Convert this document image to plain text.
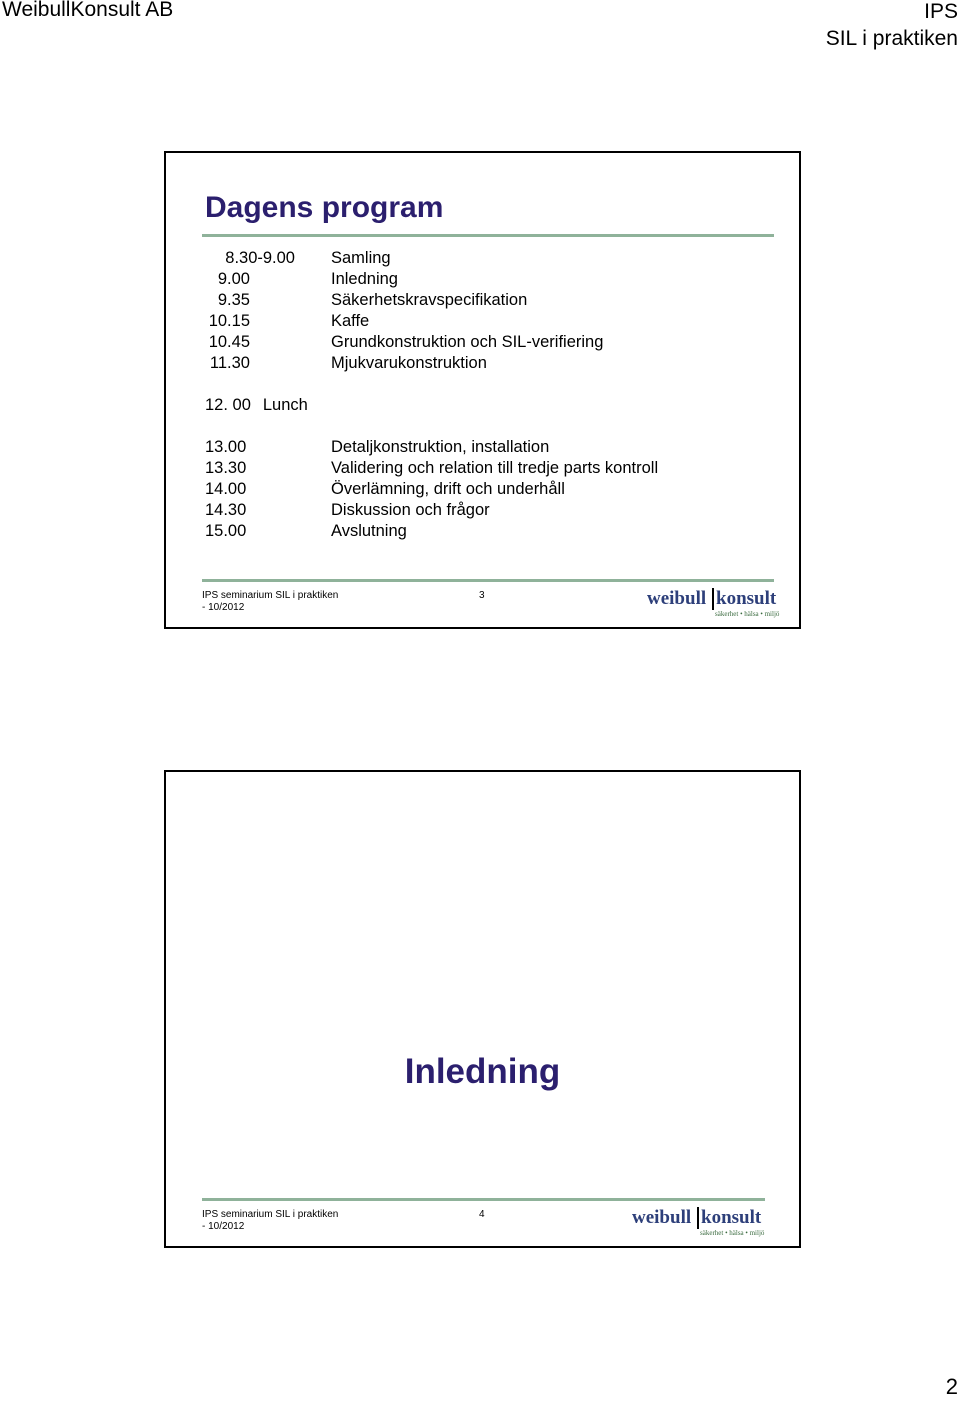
WeibullKonsult AB	IPS
SIL i praktiken
Dagens program
8.30-9.00 Samling
9.00	Inledning
9.35	Säkerhetskravspecifikation
10.15	Kaffe
10.45	Grundkonstruktion och SIL-verifiering
11.30	Mjukvarukonstruktion
12. 00 Lunch
13.00	Detaljkonstruktion, installation
13.30	Validering och relation till tredje parts kontroll
14.00	Överlämning, drift och underhåll
14.30	Diskussion och frågor
15.00	Avslutning
IPS seminarium SIL i praktiken - 10/2012
3	weibull konsult
säkerhet • hälsa • miljö
Inledning
IPS seminarium SIL i praktiken - 10/2012
4	weibull konsult
säkerhet • hälsa • miljö
2
